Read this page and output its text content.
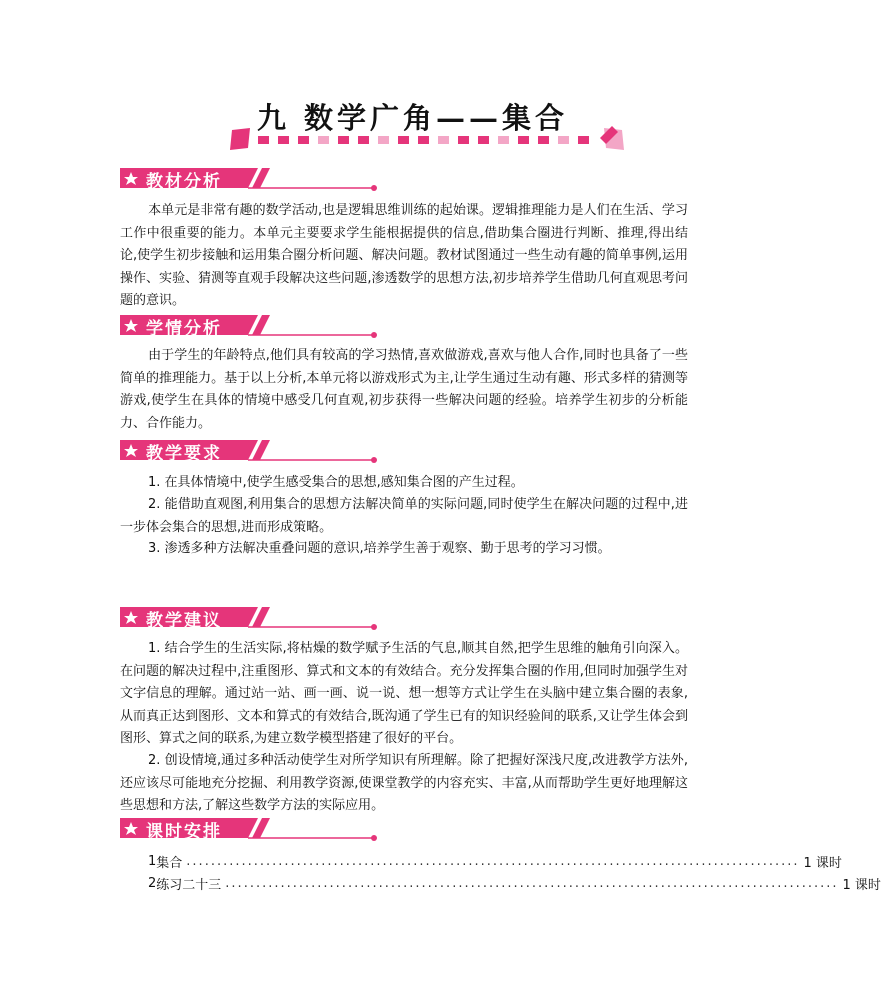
九 数学广角——集合
教材分析

本单元是非常有趣的数学活动,也是逻辑思维训练的起始课。逻辑推理能力是人们在生活、学习工作中很重要的能力。本单元主要要求学生能根据提供的信息,借助集合圈进行判断、推理,得出结论,使学生初步接触和运用集合圈分析问题、解决问题。教材试图通过一些生动有趣的简单事例,运用操作、实验、猜测等直观手段解决这些问题,渗透数学的思想方法,初步培养学生借助几何直观思考问题的意识。

学情分析

由于学生的年龄特点,他们具有较高的学习热情,喜欢做游戏,喜欢与他人合作,同时也具备了一些简单的推理能力。基于以上分析,本单元将以游戏形式为主,让学生通过生动有趣、形式多样的猜测等游戏,使学生在具体的情境中感受几何直观,初步获得一些解决问题的经验。培养学生初步的分析能力、合作能力。

教学要求

1. 在具体情境中,使学生感受集合的思想,感知集合图的产生过程。

2. 能借助直观图,利用集合的思想方法解决简单的实际问题,同时使学生在解决问题的过程中,进一步体会集合的思想,进而形成策略。

3. 渗透多种方法解决重叠问题的意识,培养学生善于观察、勤于思考的学习习惯。

教学建议

1. 结合学生的生活实际,将枯燥的数学赋予生活的气息,顺其自然,把学生思维的触角引向深入。在问题的解决过程中,注重图形、算式和文本的有效结合。充分发挥集合圈的作用,但同时加强学生对文字信息的理解。通过站一站、画一画、说一说、想一想等方式让学生在头脑中建立集合圈的表象,从而真正达到图形、文本和算式的有效结合,既沟通了学生已有的知识经验间的联系,又让学生体会到图形、算式之间的联系,为建立数学模型搭建了很好的平台。

2. 创设情境,通过多种活动使学生对所学知识有所理解。除了把握好深浅尺度,改进教学方法外,还应该尽可能地充分挖掘、利用教学资源,使课堂教学的内容充实、丰富,从而帮助学生更好地理解这些思想和方法,了解这些数学方法的实际应用。

课时安排
1 集合 .................................................................................................... 1 课时
2 练习二十三 .................................................................................................... 1 课时
